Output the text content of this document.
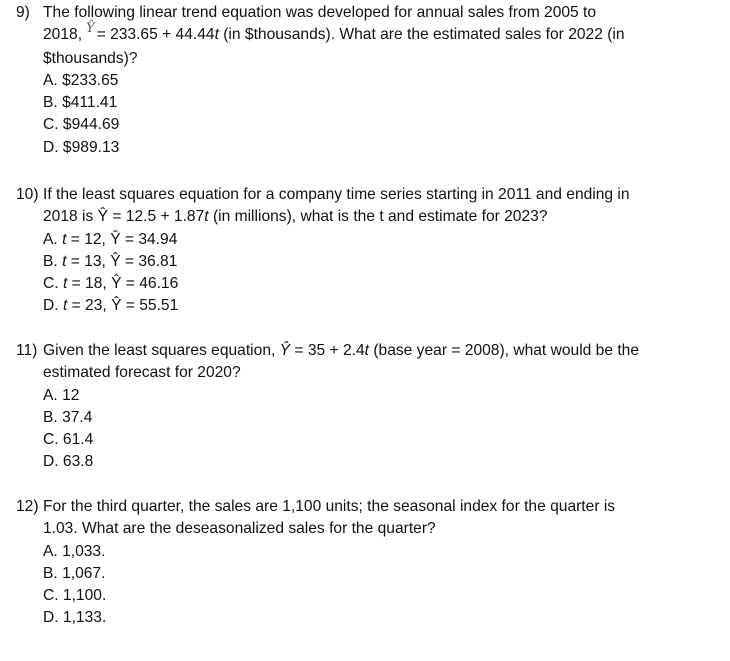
9) The following linear trend equation was developed for annual sales from 2005 to
2018, $^Ŷ$ = 233.65 + 44.44t (in $thousands). What are the estimated sales for 2022 (in
$thousands)?
A. $233.65
B. $411.41
C. $944.69
D. $989.13
10) If the least squares equation for a company time series starting in 2011 and ending in
2018 is Ŷ = 12.5 + 1.87t (in millions), what is the t and estimate for 2023?
A. t = 12, Ŷ = 34.94
B. t = 13, Ŷ = 36.81
C. t = 18, Ŷ = 46.16
D. t = 23, Ŷ = 55.51
11) Given the least squares equation, Ŷ = 35 + 2.4t (base year = 2008), what would be the
estimated forecast for 2020?
A. 12
B. 37.4
C. 61.4
D. 63.8
12) For the third quarter, the sales are 1,100 units; the seasonal index for the quarter is
1.03. What are the deseasonalized sales for the quarter?
A. 1,033.
B. 1,067.
C. 1,100.
D. 1,133.
